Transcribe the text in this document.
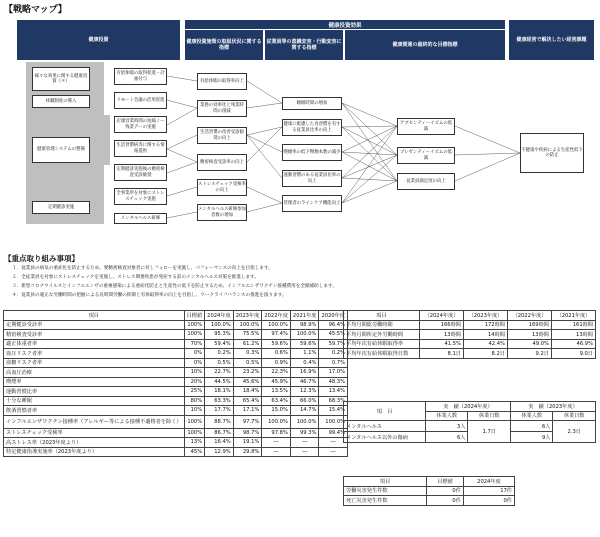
【戦略マップ】
健康投資効果
健康投資	健康投資施策の取組状況に関する指標
従業員等の意識変容・行動変容に関する指標
健康関連の最終的な目標指標
健康経営で解決したい経営課題
様々な効果に関する健康投資（＊）
休職制度の導入
健康管理システムの整備
定期健診実施
有給休暇の取得促進・計画付与
リモート会議の活用促進
店頭営業時間の短縮ノー残業デーの実施
生活習慣病等に関する情報提供
定期健診実施後の精密検査受診勧奨
全事業所を対象にストレスチェック実施
メンタルヘルス研修
有給休暇の取得率向上
業務の効率化と残業時間の削減
生活習慣の改善受診勧奨の向上
精密検査受診率の向上
ストレスチェック受検率の向上
メンタルヘルス研修参加者数の増加
睡眠時間の増加
健康に配慮した食習慣を有する従業員比率の向上
喫煙率の低下喫煙本数の減少
運動習慣のある従業員比率の向上
管理者のラインケア機能向上
アブセンティーイズムの低減
プレゼンティーイズムの低減
従業員満足度の向上
不健康や疾病による生産性低下の防止
【重点取り組み事項】
１．従業員の病気の重症化を防止するため、要精密検査対象者に対しフォローを実施し、パフォーマンスの向上を目指します。
２．全従業員を対象にストレスチェックを実施し、ストレス関連疾患が発症する前のメンタルヘルス対策を推進します。
３．新型コロナウイルスとインフルエンザの重複感染による重症化防止と生産性の低下を防止するため、インフルエンザワクチン接種費用を全額補助します。
４．従業員の適正な労働時間の把握による長時間労働の抑制と有休取得率の向上を目指し、ワークライフバランスの推進を図ります。
項目	目標値	2024年度	2023年度	2022年度	2021年度	2020年度
定期健診受診率	100%	100.0%	100.0%	100.0%	98.9%	96.4%
精密検査受診率	100%	95.3%	75.5%	97.4%	100.0%	45.5%
適正体重者率	70%	59.4%	61.2%	59.6%	59.6%	59.7%
血圧リスク者率	0%	0.2%	0.3%	0.6%	1.1%	0.2%
血糖リスク者率	0%	0.5%	0.5%	0.9%	0.4%	0.7%
高血圧治療	10%	22.7%	23.2%	22.3%	16.9%	17.0%
喫煙率	20%	44.5%	45.6%	45.9%	46.7%	48.3%
運動習慣比率	25%	18.1%	18.4%	13.5%	12.3%	13.4%
十分な睡眠	80%	63.3%	65.4%	63.4%	66.0%	68.3%
飲酒習慣者率	10%	17.7%	17.1%	15.0%	14.7%	15.4%
インフルエンザワクチン接種率（アレルギー等による接種不適格者を除く）	100%	88.7%	97.7%	100.0%	100.0%	100.0%
ストレスチェック受検率	100%	86.7%	98.7%	97.8%	99.3%	99.4%
高ストレス率（2023年度より）	13%	16.4%	19.1%	―	―	―
特定健康指導実施率（2023年度より）	45%	12.9%	29.8%	―	―	―
項目	（2024年度）	（2023年度）	（2022年度）	（2021年度）
平均月間総労働時間	166時間	172時間	169時間	161時間
平均月間所定外労働時間	13時間	14時間	13時間	13時間
平均年次有給休暇取得率	41.5%	42.4%	49.0%	46.9%
平均年次有給休暇取得日数	8.1日	8.2日	9.2日	9.0日
項　目	実　績（2024年度）		実　績（2023年度）	
	休業人数	休業日数	休業人数	休業日数
メンタルヘルス	3人	1.7日	6人	2.3日
メンタルヘルス以外の傷病	6人		9人	
項目	目標値	2024年度
労働災害発生件数	0件	17件
死亡災害発生件数	0件	0件
